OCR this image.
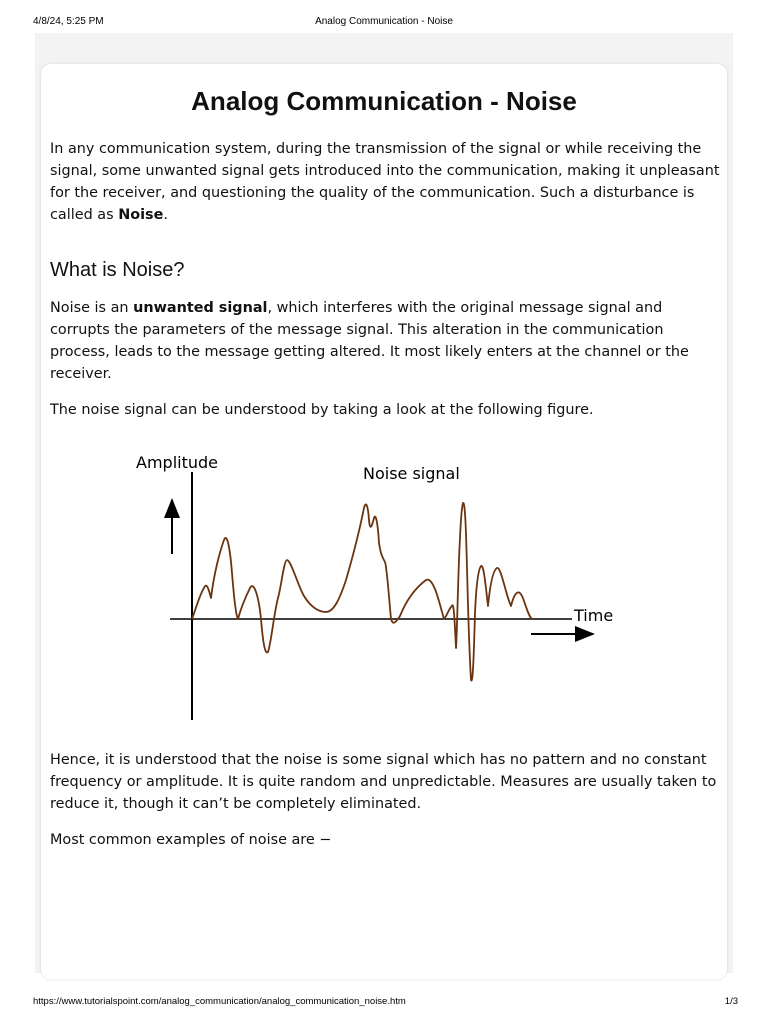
4/8/24, 5:25 PM	Analog Communication - Noise
Analog Communication - Noise

In any communication system, during the transmission of the signal or while receiving the signal, some unwanted signal gets introduced into the communication, making it unpleasant for the receiver, and questioning the quality of the communication. Such a disturbance is called as Noise.

What is Noise?

Noise is an unwanted signal, which interferes with the original message signal and corrupts the parameters of the message signal. This alteration in the communication process, leads to the message getting altered. It most likely enters at the channel or the receiver.

The noise signal can be understood by taking a look at the following figure.

Amplitude
Noise signal
Time

Hence, it is understood that the noise is some signal which has no pattern and no constant frequency or amplitude. It is quite random and unpredictable. Measures are usually taken to reduce it, though it can’t be completely eliminated.

Most common examples of noise are −

https://www.tutorialspoint.com/analog_communication/analog_communication_noise.htm	1/3
